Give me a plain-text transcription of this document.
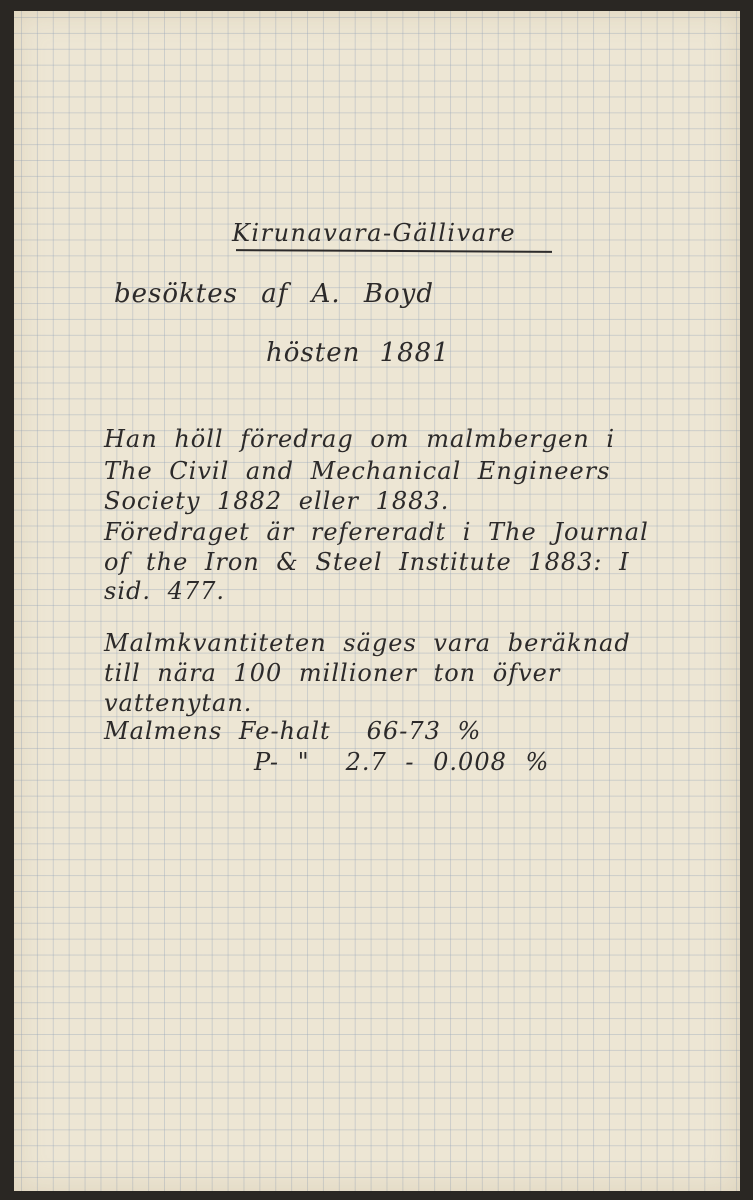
Kirunavara-Gällivare
besöktes af A. Boyd
hösten 1881
Han höll föredrag om malmbergen i
The Civil and Mechanical Engineers
Society 1882 eller 1883.
Föredraget är refereradt i The Journal
of the Iron & Steel Institute 1883: I
sid. 477.
Malmkvantiteten säges vara beräknad
till nära 100 millioner ton öfver
vattenytan.
Malmens Fe-halt 66-73 %
P- " 2.7 - 0.008 %
